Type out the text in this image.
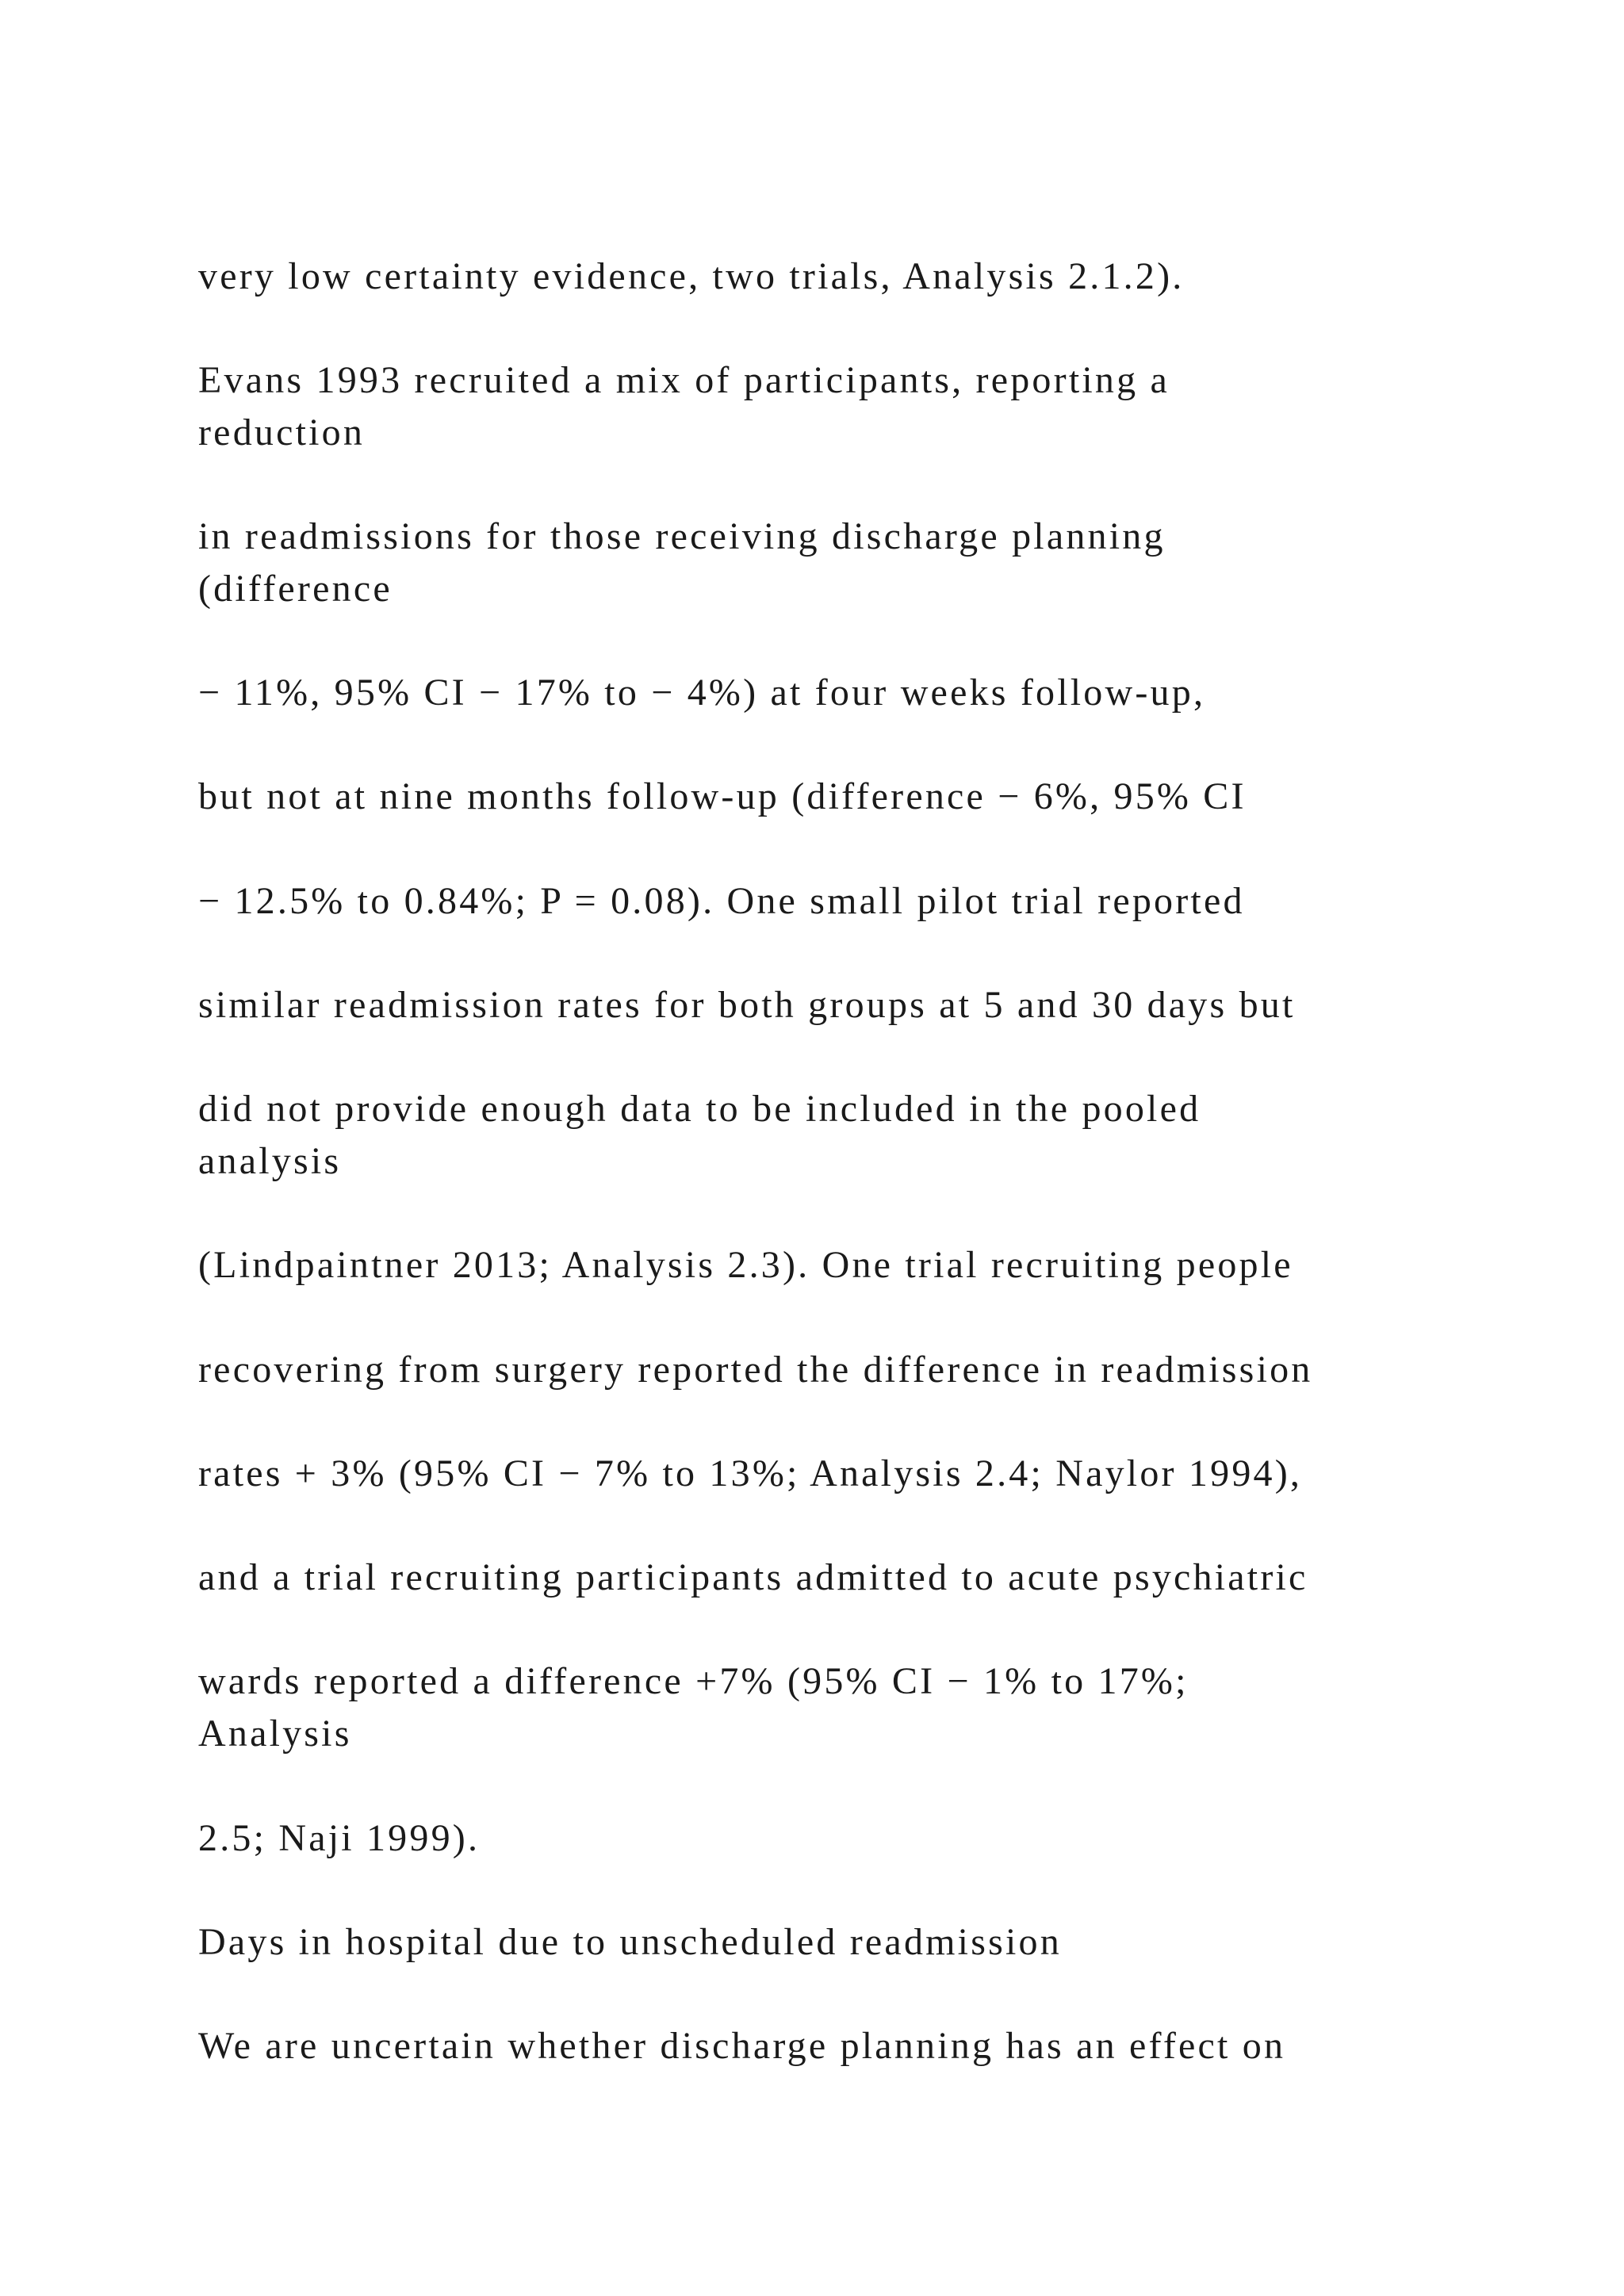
very low certainty evidence, two trials, Analysis 2.1.2).
Evans 1993 recruited a mix of participants, reporting a
reduction
in readmissions for those receiving discharge planning
(difference
− 11%, 95% CI − 17% to − 4%) at four weeks follow-up,
but not at nine months follow-up (difference − 6%, 95% CI
− 12.5% to 0.84%; P = 0.08). One small pilot trial reported
similar readmission rates for both groups at 5 and 30 days but
did not provide enough data to be included in the pooled
analysis
(Lindpaintner 2013; Analysis 2.3). One trial recruiting people
recovering from surgery reported the difference in readmission
rates + 3% (95% CI − 7% to 13%; Analysis 2.4; Naylor 1994),
and a trial recruiting participants admitted to acute psychiatric
wards reported a difference +7% (95% CI − 1% to 17%;
Analysis
2.5; Naji 1999).
Days in hospital due to unscheduled readmission
We are uncertain whether discharge planning has an effect on
